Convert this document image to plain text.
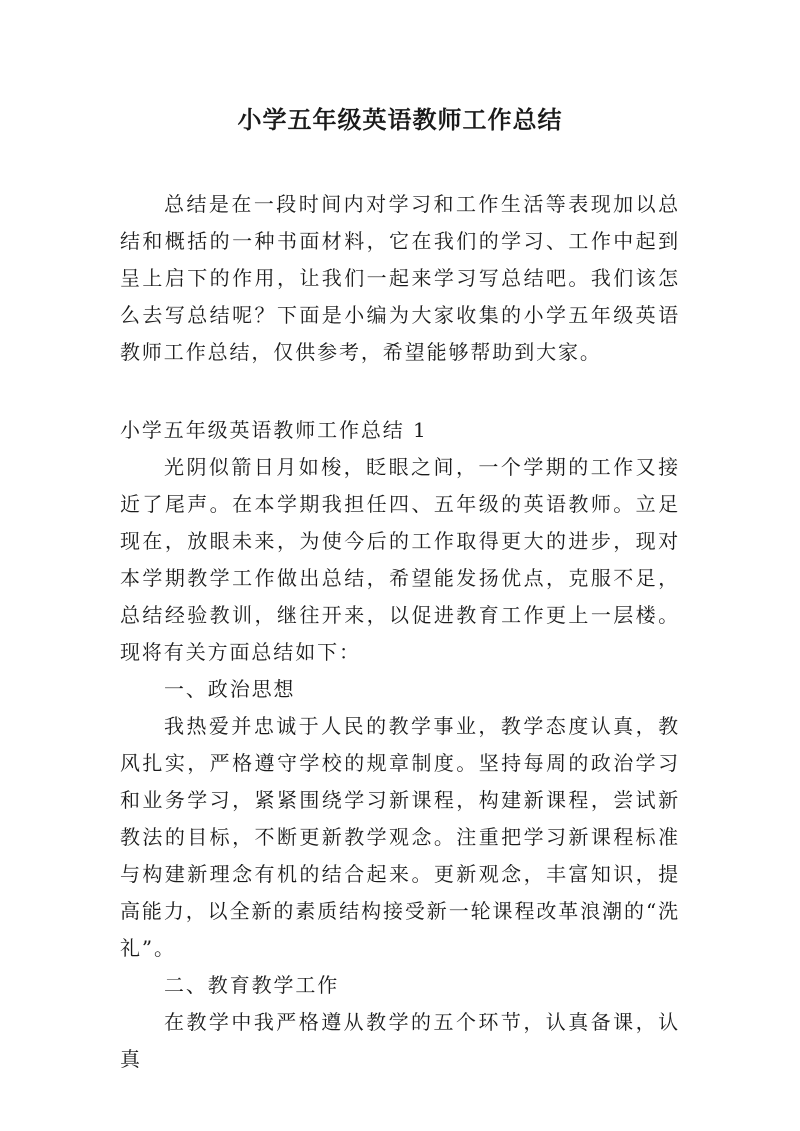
小学五年级英语教师工作总结

总结是在一段时间内对学习和工作生活等表现加以总结和概括的一种书面材料，它在我们的学习、工作中起到呈上启下的作用，让我们一起来学习写总结吧。我们该怎么去写总结呢？下面是小编为大家收集的小学五年级英语教师工作总结，仅供参考，希望能够帮助到大家。

小学五年级英语教师工作总结 1

光阴似箭日月如梭，眨眼之间，一个学期的工作又接近了尾声。在本学期我担任四、五年级的英语教师。立足现在，放眼未来，为使今后的工作取得更大的进步，现对本学期教学工作做出总结，希望能发扬优点，克服不足，总结经验教训，继往开来，以促进教育工作更上一层楼。现将有关方面总结如下：

一、政治思想

我热爱并忠诚于人民的教学事业，教学态度认真，教风扎实，严格遵守学校的规章制度。坚持每周的政治学习和业务学习，紧紧围绕学习新课程，构建新课程，尝试新教法的目标，不断更新教学观念。注重把学习新课程标准与构建新理念有机的结合起来。更新观念，丰富知识，提高能力，以全新的素质结构接受新一轮课程改革浪潮的“洗礼”。

二、教育教学工作

在教学中我严格遵从教学的五个环节，认真备课，认真
